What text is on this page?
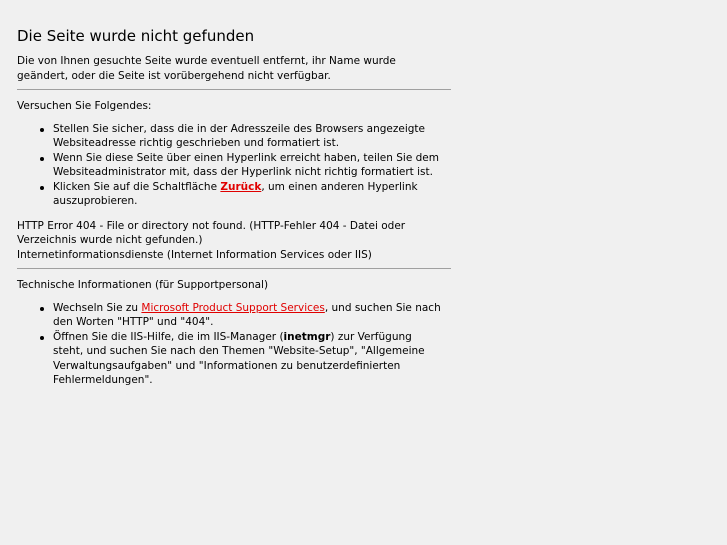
Die Seite wurde nicht gefunden

Die von Ihnen gesuchte Seite wurde eventuell entfernt, ihr Name wurde geändert, oder die Seite ist vorübergehend nicht verfügbar.

Versuchen Sie Folgendes:

Stellen Sie sicher, dass die in der Adresszeile des Browsers angezeigte Websiteadresse richtig geschrieben und formatiert ist.
Wenn Sie diese Seite über einen Hyperlink erreicht haben, teilen Sie dem Websiteadministrator mit, dass der Hyperlink nicht richtig formatiert ist.
Klicken Sie auf die Schaltfläche Zurück, um einen anderen Hyperlink auszuprobieren.

HTTP Error 404 - File or directory not found. (HTTP-Fehler 404 - Datei oder Verzeichnis wurde nicht gefunden.)

Internetinformationsdienste (Internet Information Services oder IIS)

Technische Informationen (für Supportpersonal)

Wechseln Sie zu Microsoft Product Support Services, und suchen Sie nach den Worten "HTTP" und "404".
Öffnen Sie die IIS-Hilfe, die im IIS-Manager (inetmgr) zur Verfügung steht, und suchen Sie nach den Themen "Website-Setup", "Allgemeine Verwaltungsaufgaben" und "Informationen zu benutzerdefinierten Fehlermeldungen".
